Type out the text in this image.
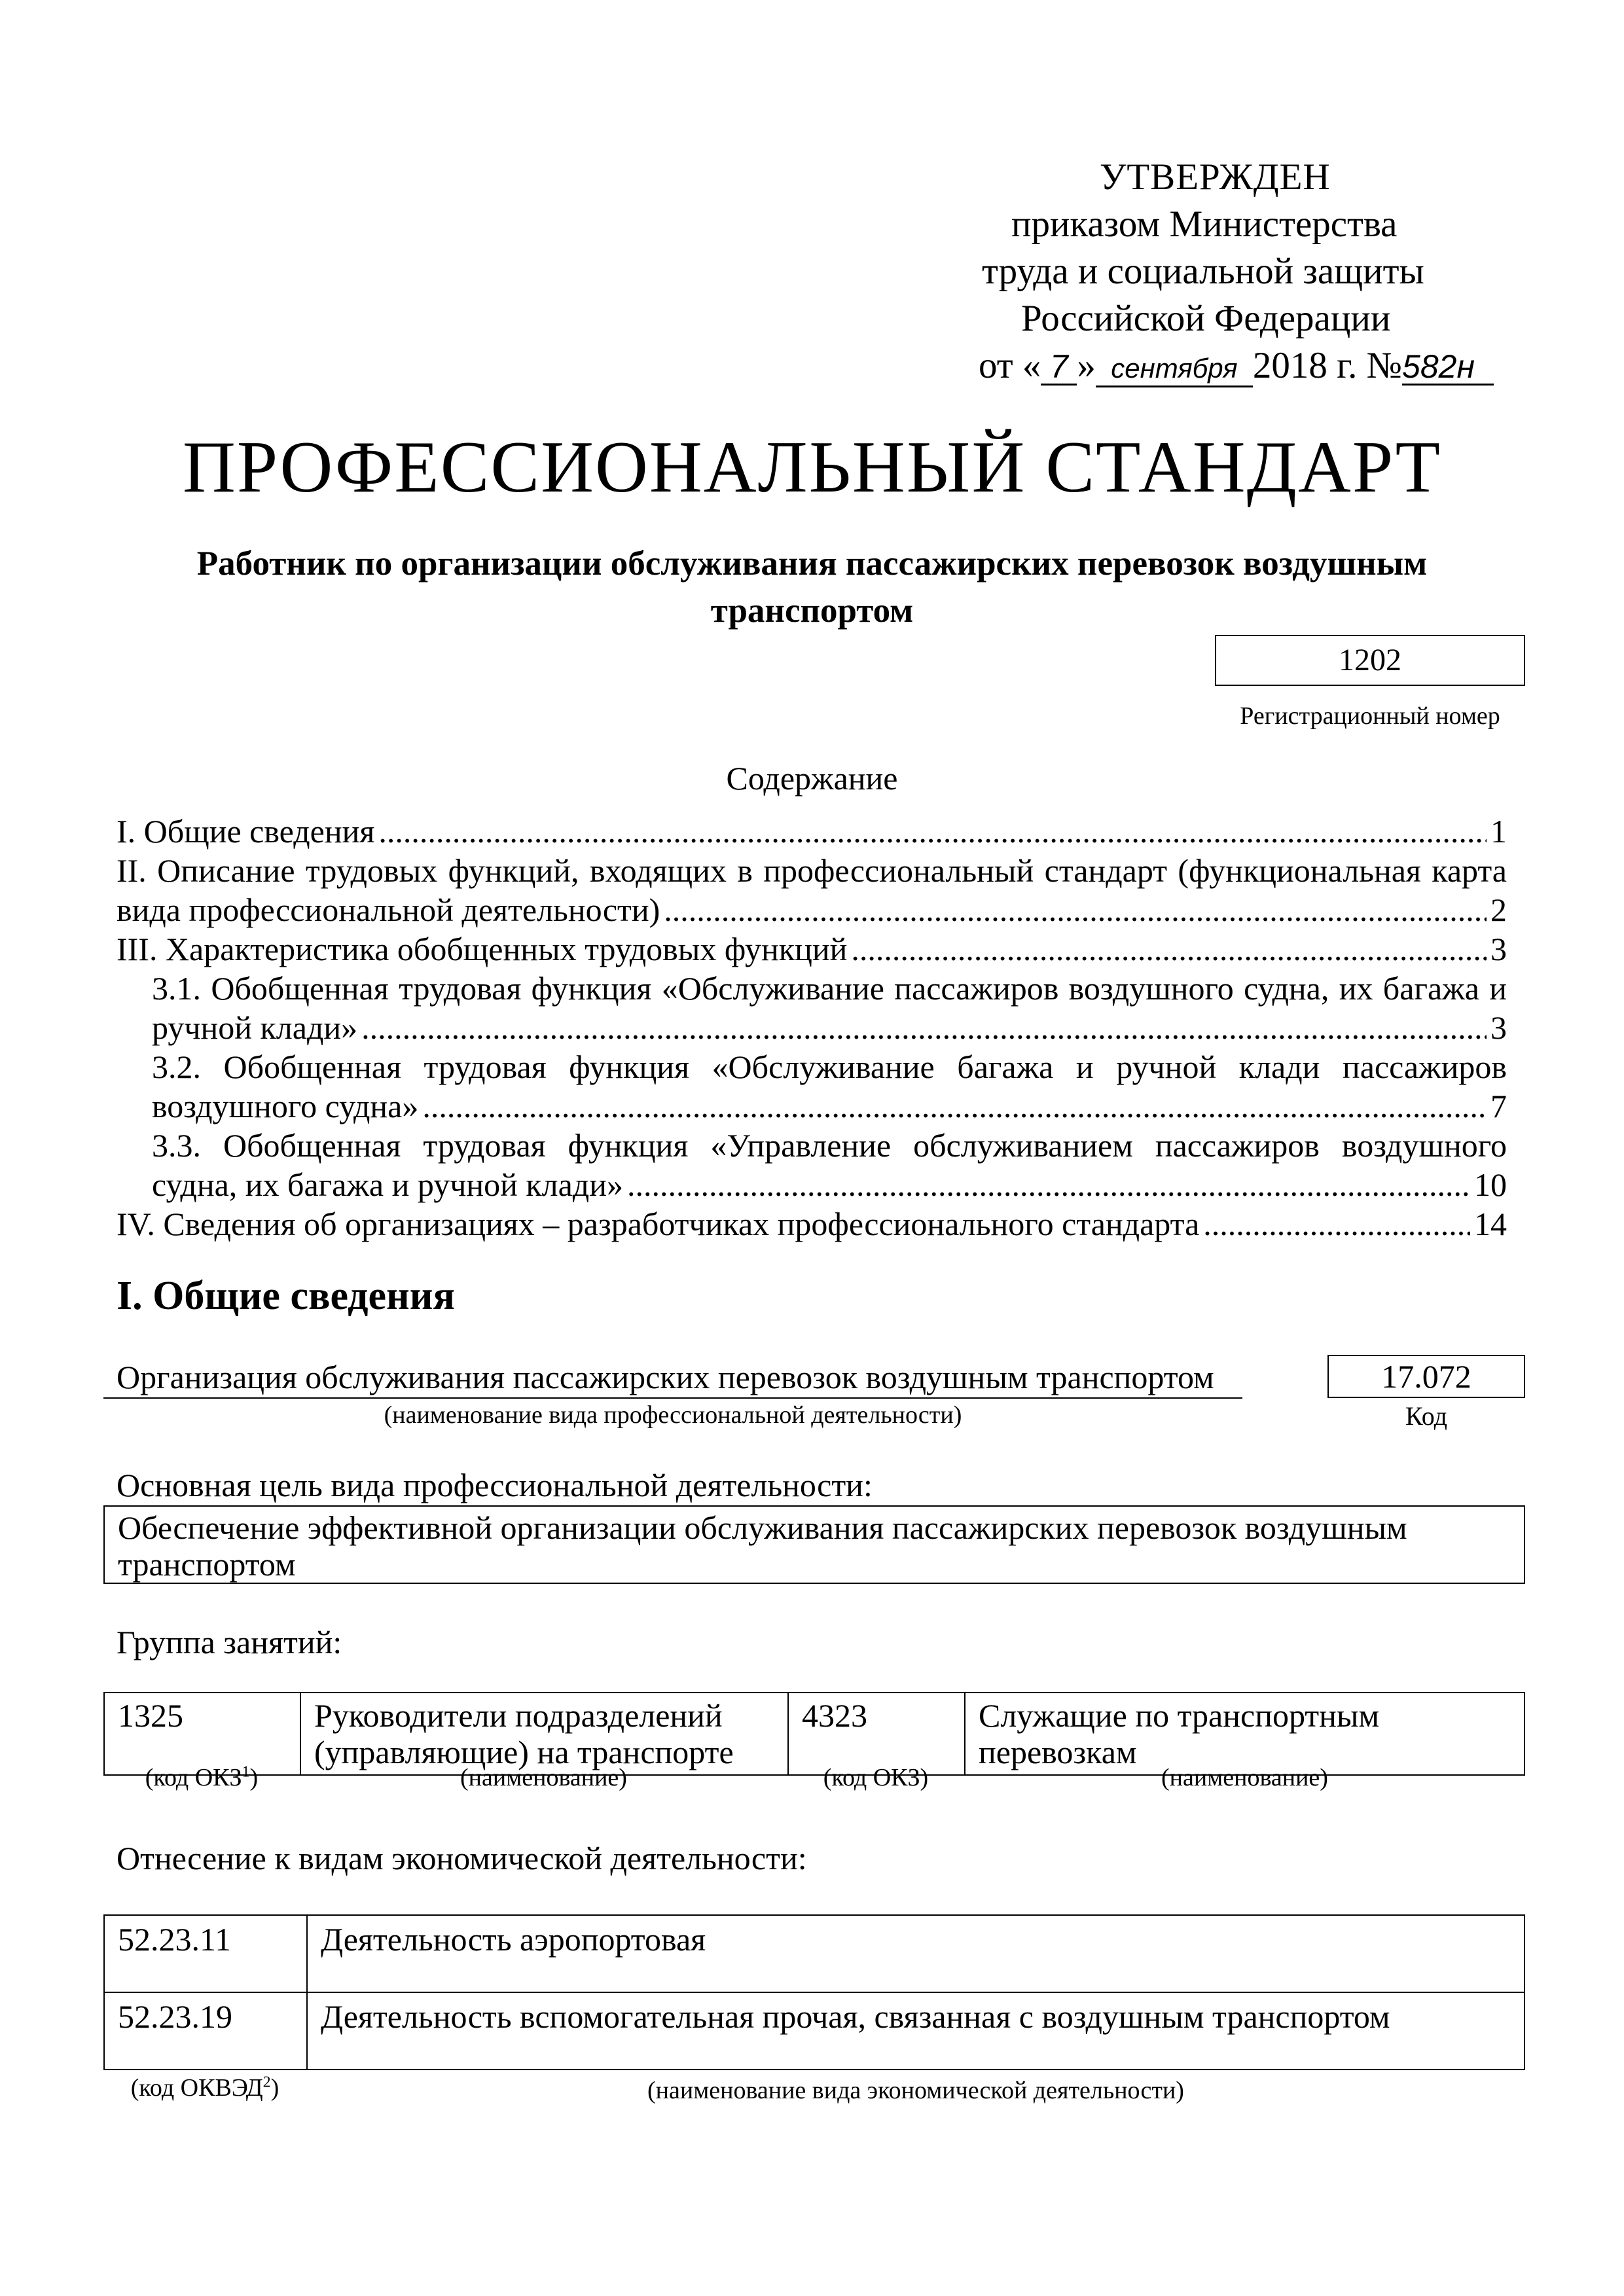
УТВЕРЖДЕН
приказом Министерства
труда и социальной защиты
Российской Федерации
от « 7 » сентября 2018 г. №582н
ПРОФЕССИОНАЛЬНЫЙ СТАНДАРТ
Работник по организации обслуживания пассажирских перевозок воздушным транспортом
1202
Регистрационный номер
Содержание
I. Общие сведения .....	1
II. Описание трудовых функций, входящих в профессиональный стандарт (функциональная карта
вида профессиональной деятельности) .....	2
III. Характеристика обобщенных трудовых функций .....	3
3.1. Обобщенная трудовая функция «Обслуживание пассажиров воздушного судна, их багажа и
ручной клади» .....	3
3.2. Обобщенная трудовая функция «Обслуживание багажа и ручной клади пассажиров
воздушного судна» .....	7
3.3. Обобщенная трудовая функция «Управление обслуживанием пассажиров воздушного
судна, их багажа и ручной клади» .....	10
IV. Сведения об организациях – разработчиках профессионального стандарта .....	14
I. Общие сведения
Организация обслуживания пассажирских перевозок воздушным транспортом
(наименование вида профессиональной деятельности)
17.072
Код
Основная цель вида профессиональной деятельности:
Обеспечение эффективной организации обслуживания пассажирских перевозок воздушным транспортом
Группа занятий:
1325	Руководители подразделений (управляющие) на транспорте	4323	Служащие по транспортным перевозкам
(код ОКЗ$^1$)	(наименование)	(код ОКЗ)	(наименование)
Отнесение к видам экономической деятельности:
52.23.11	Деятельность аэропортовая
52.23.19	Деятельность вспомогательная прочая, связанная с воздушным транспортом
(код ОКВЭД$^2$)	(наименование вида экономической деятельности)
